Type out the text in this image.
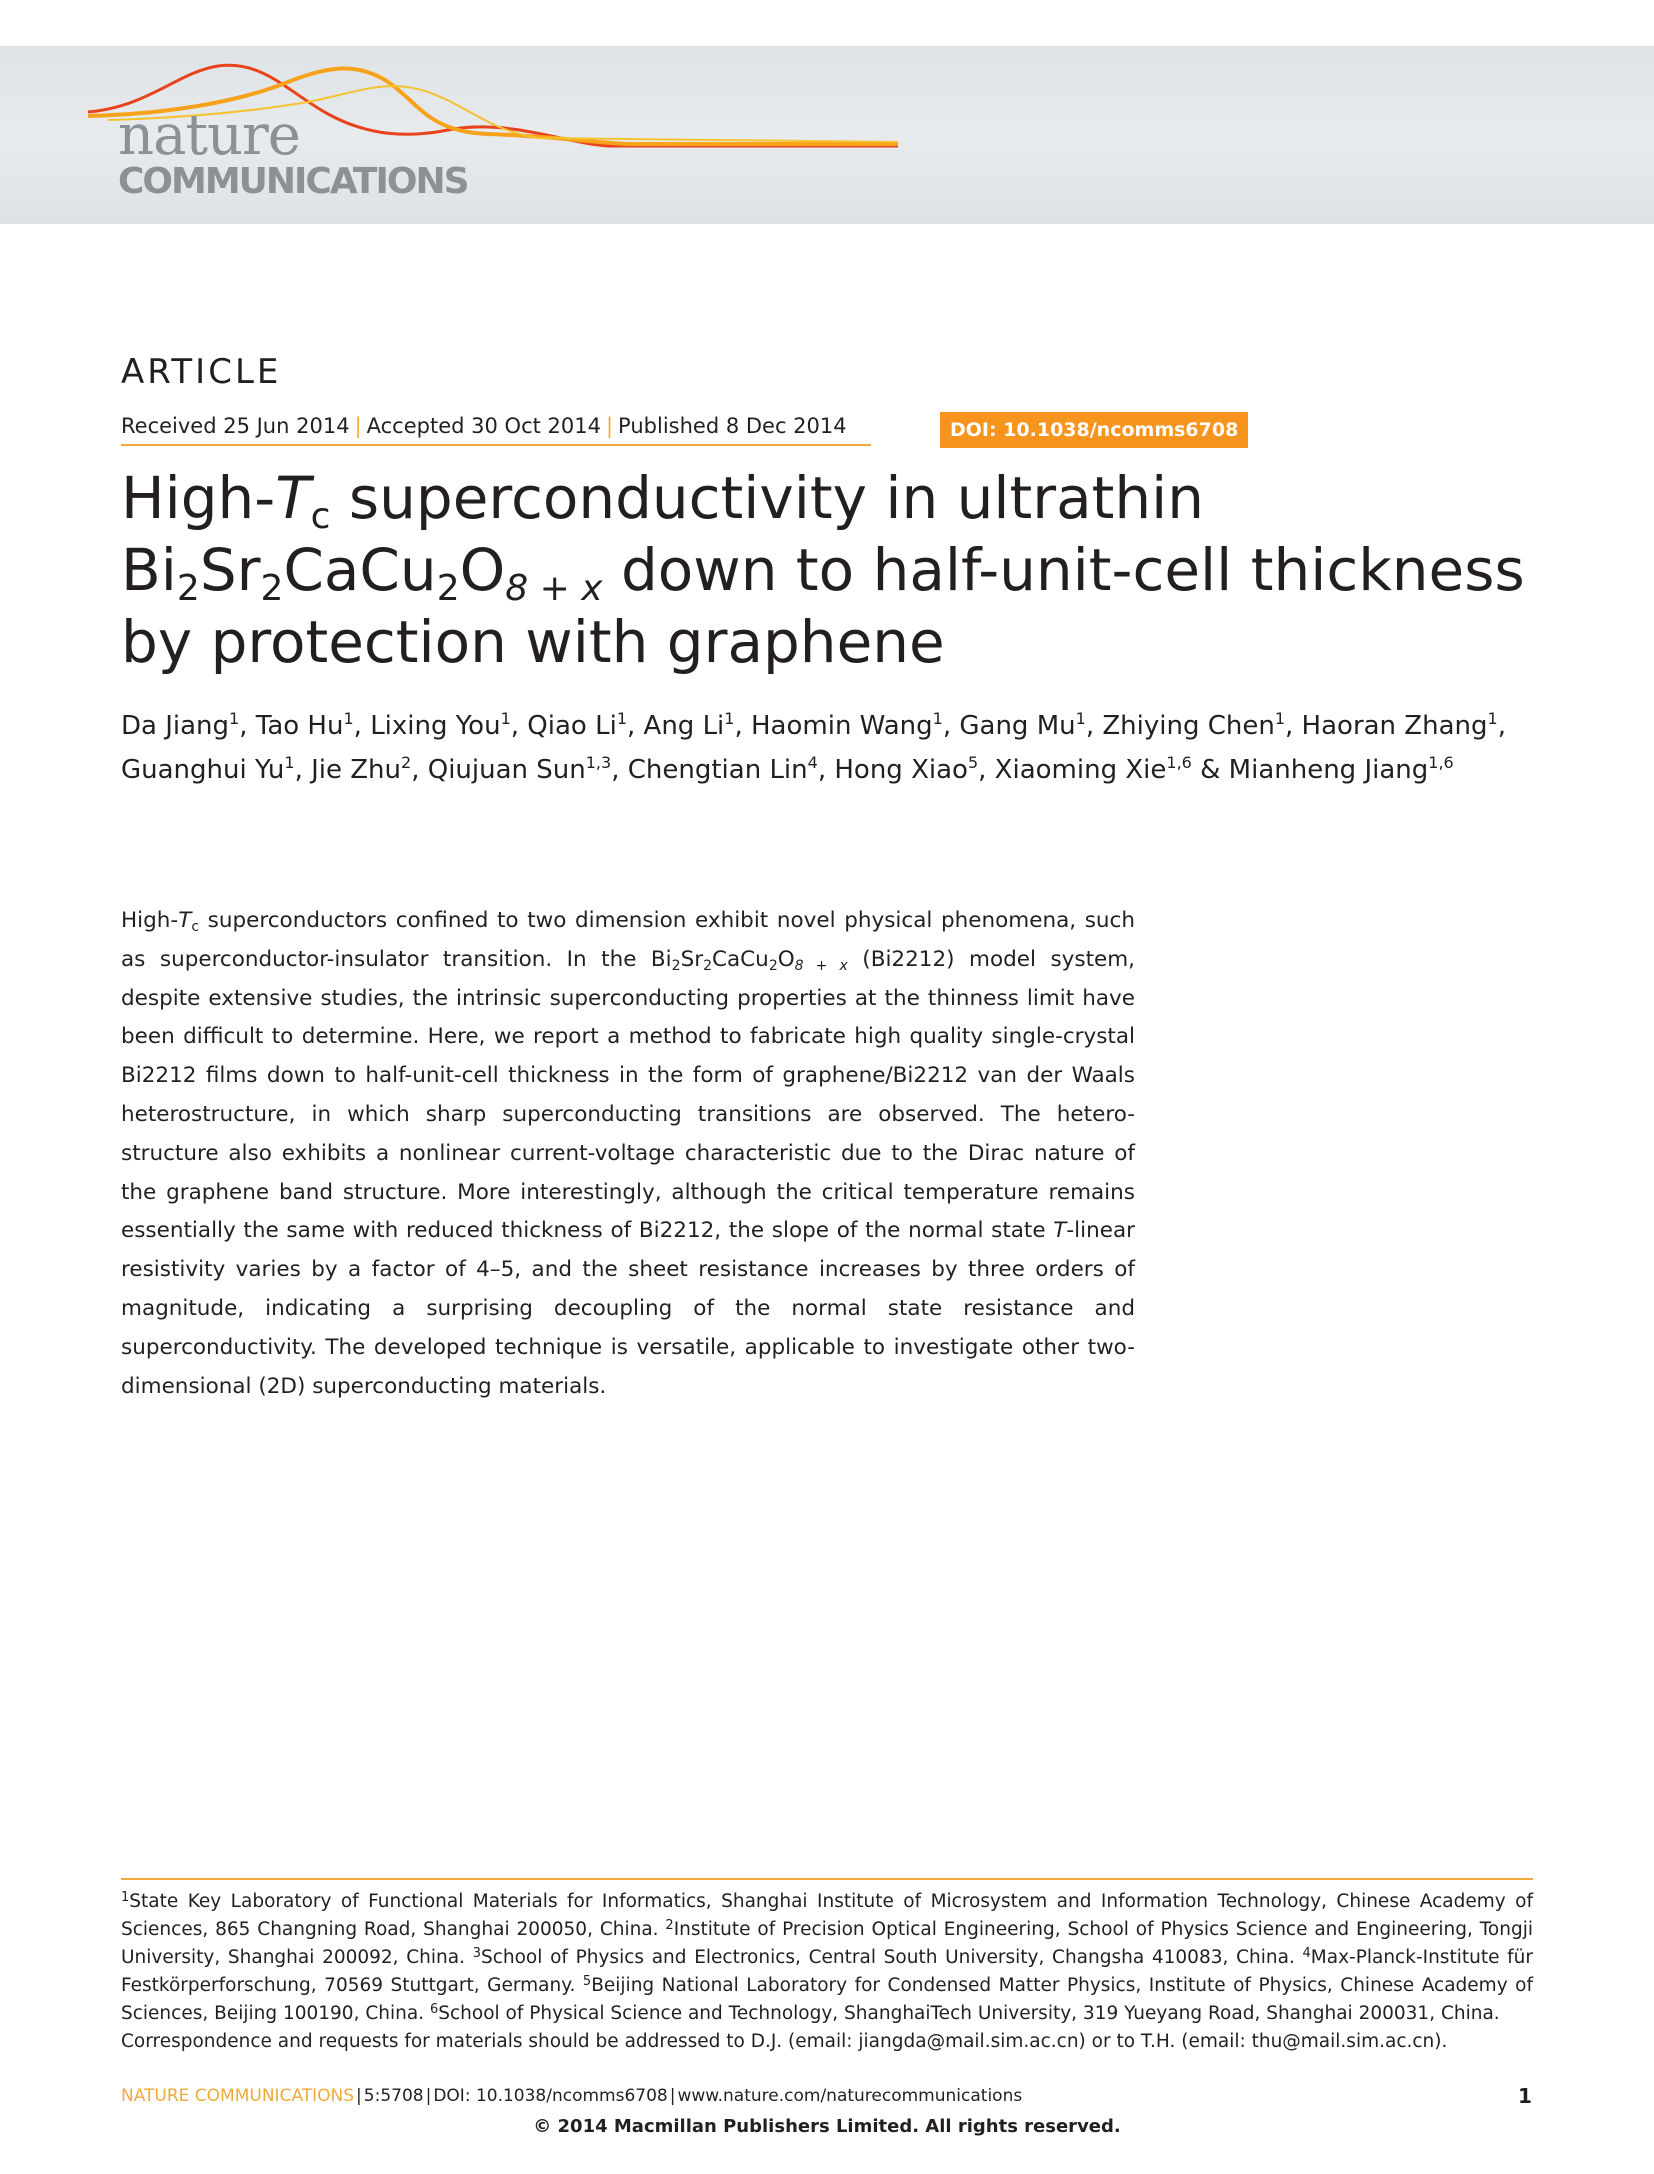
nature
COMMUNICATIONS
ARTICLE
Received 25 Jun 2014 | Accepted 30 Oct 2014 | Published 8 Dec 2014	DOI: 10.1038/ncomms6708
High-$T_c$ superconductivity in ultrathin
$Bi_2Sr_2CaCu_2O_{8 + x}$ down to half-unit-cell thickness
by protection with graphene
Da Jiang$^1$, Tao Hu$^1$, Lixing You$^1$, Qiao Li$^1$, Ang Li$^1$, Haomin Wang$^1$, Gang Mu$^1$, Zhiying Chen$^1$, Haoran Zhang$^1$,
Guanghui Yu$^1$, Jie Zhu$^2$, Qiujuan Sun$^{1,3}$, Chengtian Lin$^4$, Hong Xiao$^5$, Xiaoming Xie$^{1,6}$ & Mianheng Jiang$^{1,6}$
High-$T_c$ superconductors confined to two dimension exhibit novel physical phenomena, such as superconductor-insulator transition. In the $Bi_2Sr_2CaCu_2O_{8 + x}$ (Bi2212) model system, despite extensive studies, the intrinsic superconducting properties at the thinness limit have been difficult to determine. Here, we report a method to fabricate high quality single-crystal Bi2212 films down to half-unit-cell thickness in the form of graphene/Bi2212 van der Waals heterostructure, in which sharp superconducting transitions are observed. The hetero-structure also exhibits a nonlinear current-voltage characteristic due to the Dirac nature of the graphene band structure. More interestingly, although the critical temperature remains essentially the same with reduced thickness of Bi2212, the slope of the normal state T-linear resistivity varies by a factor of 4–5, and the sheet resistance increases by three orders of magnitude, indicating a surprising decoupling of the normal state resistance and superconductivity. The developed technique is versatile, applicable to investigate other two-dimensional (2D) superconducting materials.
$^1$State Key Laboratory of Functional Materials for Informatics, Shanghai Institute of Microsystem and Information Technology, Chinese Academy of Sciences, 865 Changning Road, Shanghai 200050, China. $^2$Institute of Precision Optical Engineering, School of Physics Science and Engineering, Tongji University, Shanghai 200092, China. $^3$School of Physics and Electronics, Central South University, Changsha 410083, China. $^4$Max-Planck-Institute für Festkörperforschung, 70569 Stuttgart, Germany. $^5$Beijing National Laboratory for Condensed Matter Physics, Institute of Physics, Chinese Academy of Sciences, Beijing 100190, China. $^6$School of Physical Science and Technology, ShanghaiTech University, 319 Yueyang Road, Shanghai 200031, China.
Correspondence and requests for materials should be addressed to D.J. (email: jiangda@mail.sim.ac.cn) or to T.H. (email: thu@mail.sim.ac.cn).
NATURE COMMUNICATIONS | 5:5708 | DOI: 10.1038/ncomms6708 | www.nature.com/naturecommunications	1
© 2014 Macmillan Publishers Limited. All rights reserved.
